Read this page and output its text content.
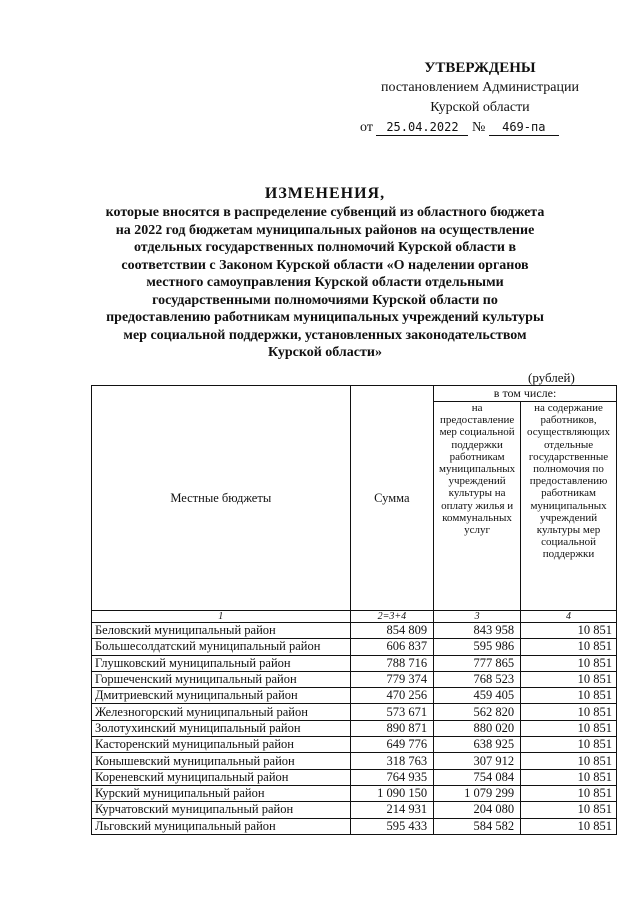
УТВЕРЖДЕНЫ
постановлением Администрации
Курской области
от 25.04.2022 № 469-па
ИЗМЕНЕНИЯ,
которые вносятся в распределение субвенций из областного бюджета
на 2022 год бюджетам муниципальных районов на осуществление
отдельных государственных полномочий Курской области в
соответствии с Законом Курской области «О наделении органов
местного самоуправления Курской области отдельными
государственными полномочиями Курской области по
предоставлению работникам муниципальных учреждений культуры
мер социальной поддержки, установленных законодательством
Курской области»
(рублей)
Местные бюджеты	Сумма	в том числе:	
		на предоставление мер социальной поддержки работникам муниципальных учреждений культуры на оплату жилья и коммунальных услуг	на содержание работников, осуществляющих отдельные государственные полномочия по предоставлению работникам муниципальных учреждений культуры мер социальной поддержки
1	2=3+4	3	4
Беловский муниципальный район	854 809	843 958	10 851
Большесолдатский муниципальный район	606 837	595 986	10 851
Глушковский муниципальный район	788 716	777 865	10 851
Горшеченский муниципальный район	779 374	768 523	10 851
Дмитриевский муниципальный район	470 256	459 405	10 851
Железногорский муниципальный район	573 671	562 820	10 851
Золотухинский муниципальный район	890 871	880 020	10 851
Касторенский муниципальный район	649 776	638 925	10 851
Конышевский муниципальный район	318 763	307 912	10 851
Кореневский муниципальный район	764 935	754 084	10 851
Курский муниципальный район	1 090 150	1 079 299	10 851
Курчатовский муниципальный район	214 931	204 080	10 851
Льговский муниципальный район	595 433	584 582	10 851
